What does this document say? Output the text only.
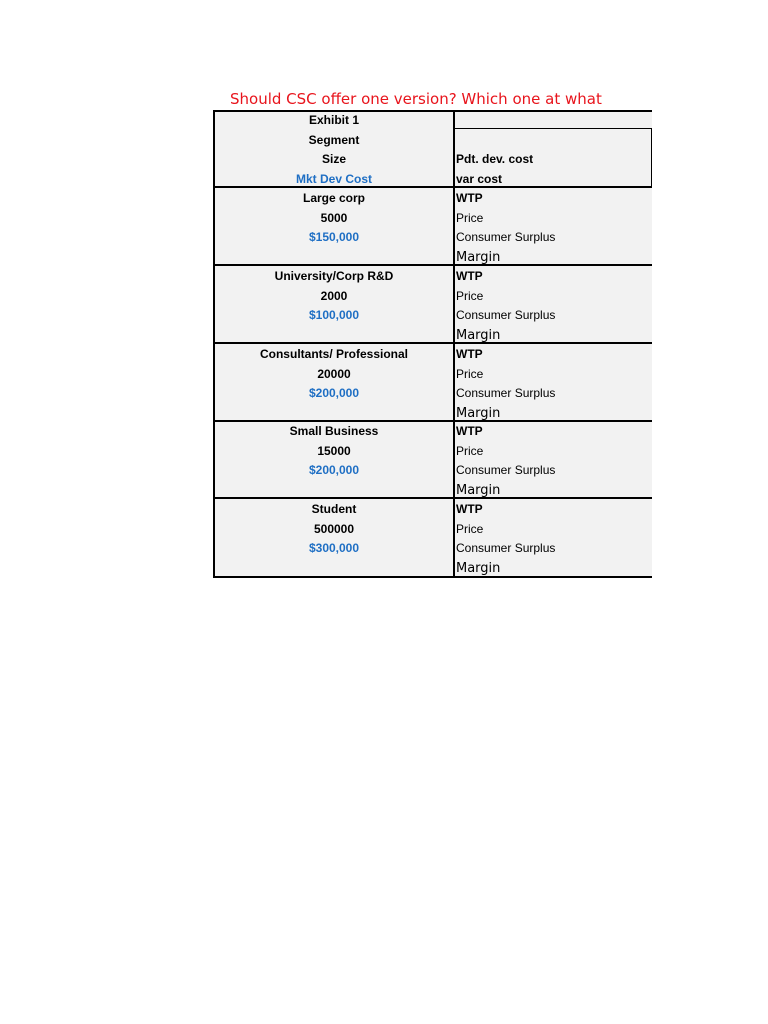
Should CSC offer one version? Which one at what
Exhibit 1
Segment
Size
Mkt Dev Cost
Pdt. dev. cost
var cost
Large corp
5000
$150,000
WTP
Price
Consumer Surplus
Margin
University/Corp R&D
2000
$100,000
WTP
Price
Consumer Surplus
Margin
Consultants/ Professional
20000
$200,000
WTP
Price
Consumer Surplus
Margin
Small Business
15000
$200,000
WTP
Price
Consumer Surplus
Margin
Student
500000
$300,000
WTP
Price
Consumer Surplus
Margin
